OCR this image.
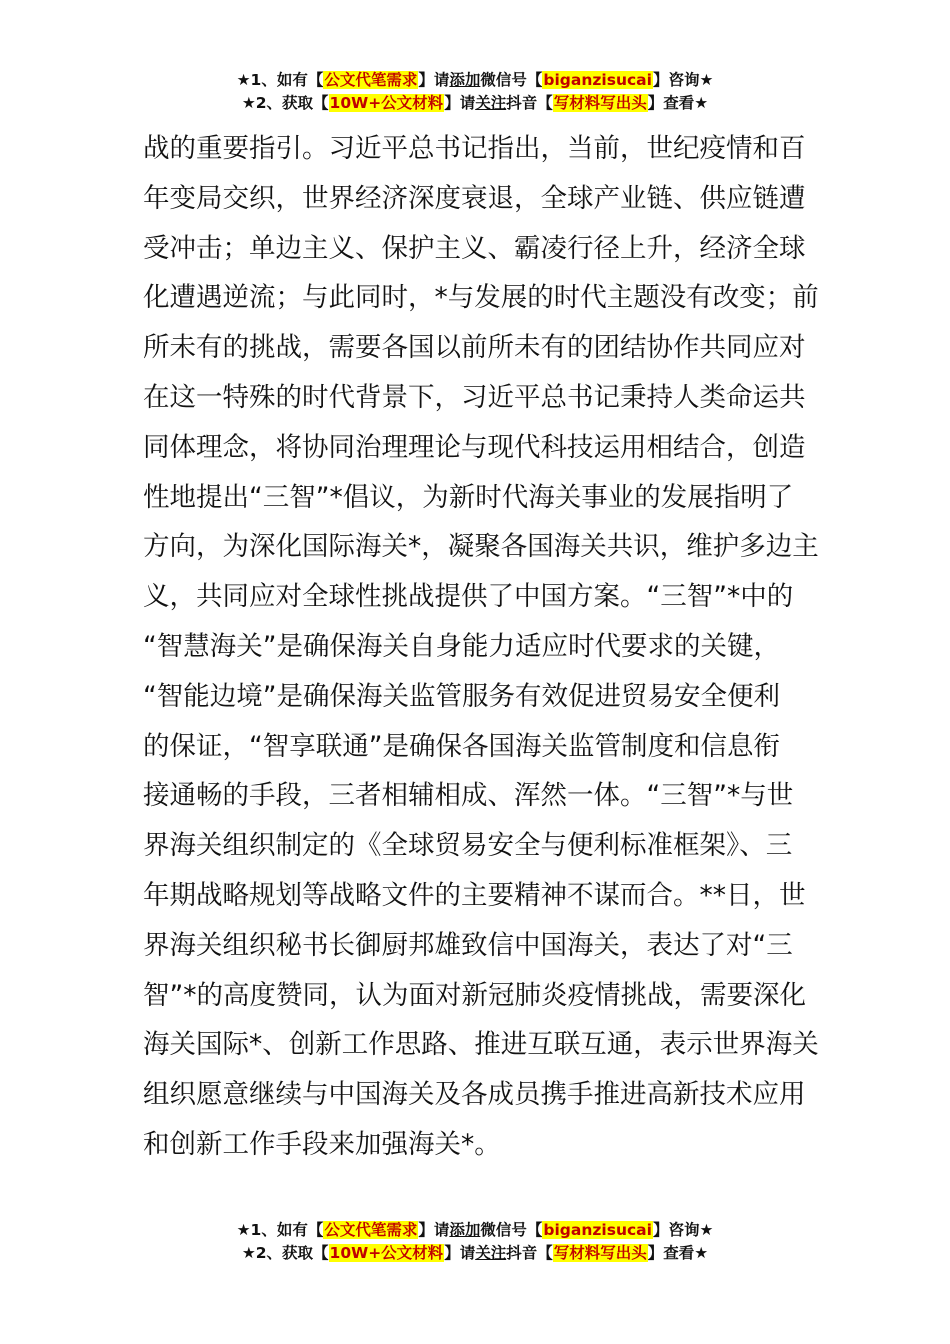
★1、如有【公文代笔需求】请添加微信号【biganzisucai】咨询★
★2、获取【10W+公文材料】请关注抖音【写材料写出头】查看★
战的重要指引。习近平总书记指出，当前，世纪疫情和百
年变局交织，世界经济深度衰退，全球产业链、供应链遭
受冲击；单边主义、保护主义、霸凌行径上升，经济全球
化遭遇逆流；与此同时，*与发展的时代主题没有改变；前
所未有的挑战，需要各国以前所未有的团结协作共同应对
在这一特殊的时代背景下，习近平总书记秉持人类命运共
同体理念，将协同治理理论与现代科技运用相结合，创造
性地提出“三智”*倡议，为新时代海关事业的发展指明了
方向，为深化国际海关*，凝聚各国海关共识，维护多边主
义，共同应对全球性挑战提供了中国方案。“三智”*中的
“智慧海关”是确保海关自身能力适应时代要求的关键，
“智能边境”是确保海关监管服务有效促进贸易安全便利
的保证，“智享联通”是确保各国海关监管制度和信息衔
接通畅的手段，三者相辅相成、浑然一体。“三智”*与世
界海关组织制定的《全球贸易安全与便利标准框架》、三
年期战略规划等战略文件的主要精神不谋而合。**日，世
界海关组织秘书长御厨邦雄致信中国海关，表达了对“三
智”*的高度赞同，认为面对新冠肺炎疫情挑战，需要深化
海关国际*、创新工作思路、推进互联互通，表示世界海关
组织愿意继续与中国海关及各成员携手推进高新技术应用
和创新工作手段来加强海关*。
★1、如有【公文代笔需求】请添加微信号【biganzisucai】咨询★
★2、获取【10W+公文材料】请关注抖音【写材料写出头】查看★
